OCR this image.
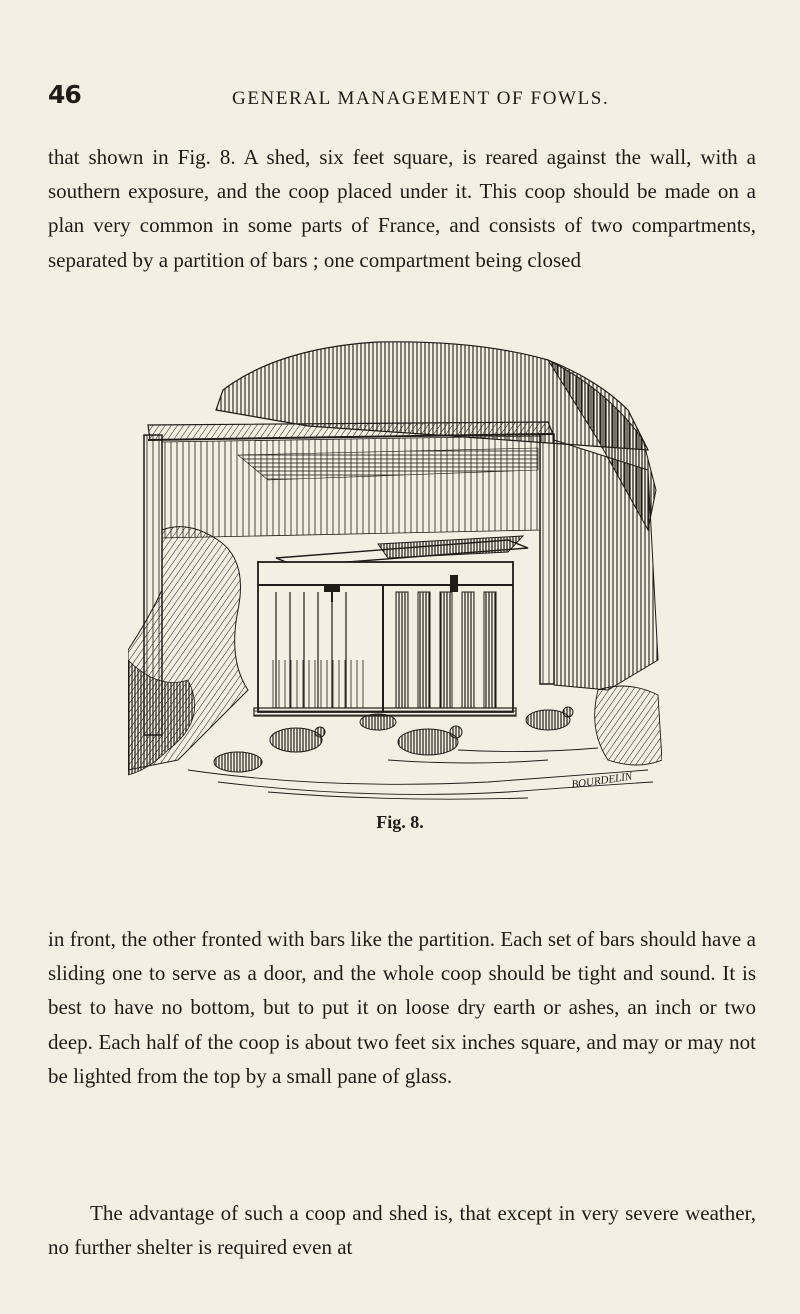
46	GENERAL MANAGEMENT OF FOWLS.

that shown in Fig. 8. A shed, six feet square, is reared against the wall, with a southern exposure, and the coop placed under it. This coop should be made on a plan very common in some parts of France, and consists of two compartments, separated by a partition of bars ; one compartment being closed

BOURDELIN
Fig. 8.

in front, the other fronted with bars like the partition. Each set of bars should have a sliding one to serve as a door, and the whole coop should be tight and sound. It is best to have no bottom, but to put it on loose dry earth or ashes, an inch or two deep. Each half of the coop is about two feet six inches square, and may or may not be lighted from the top by a small pane of glass.

The advantage of such a coop and shed is, that except in very severe weather, no further shelter is required even at
